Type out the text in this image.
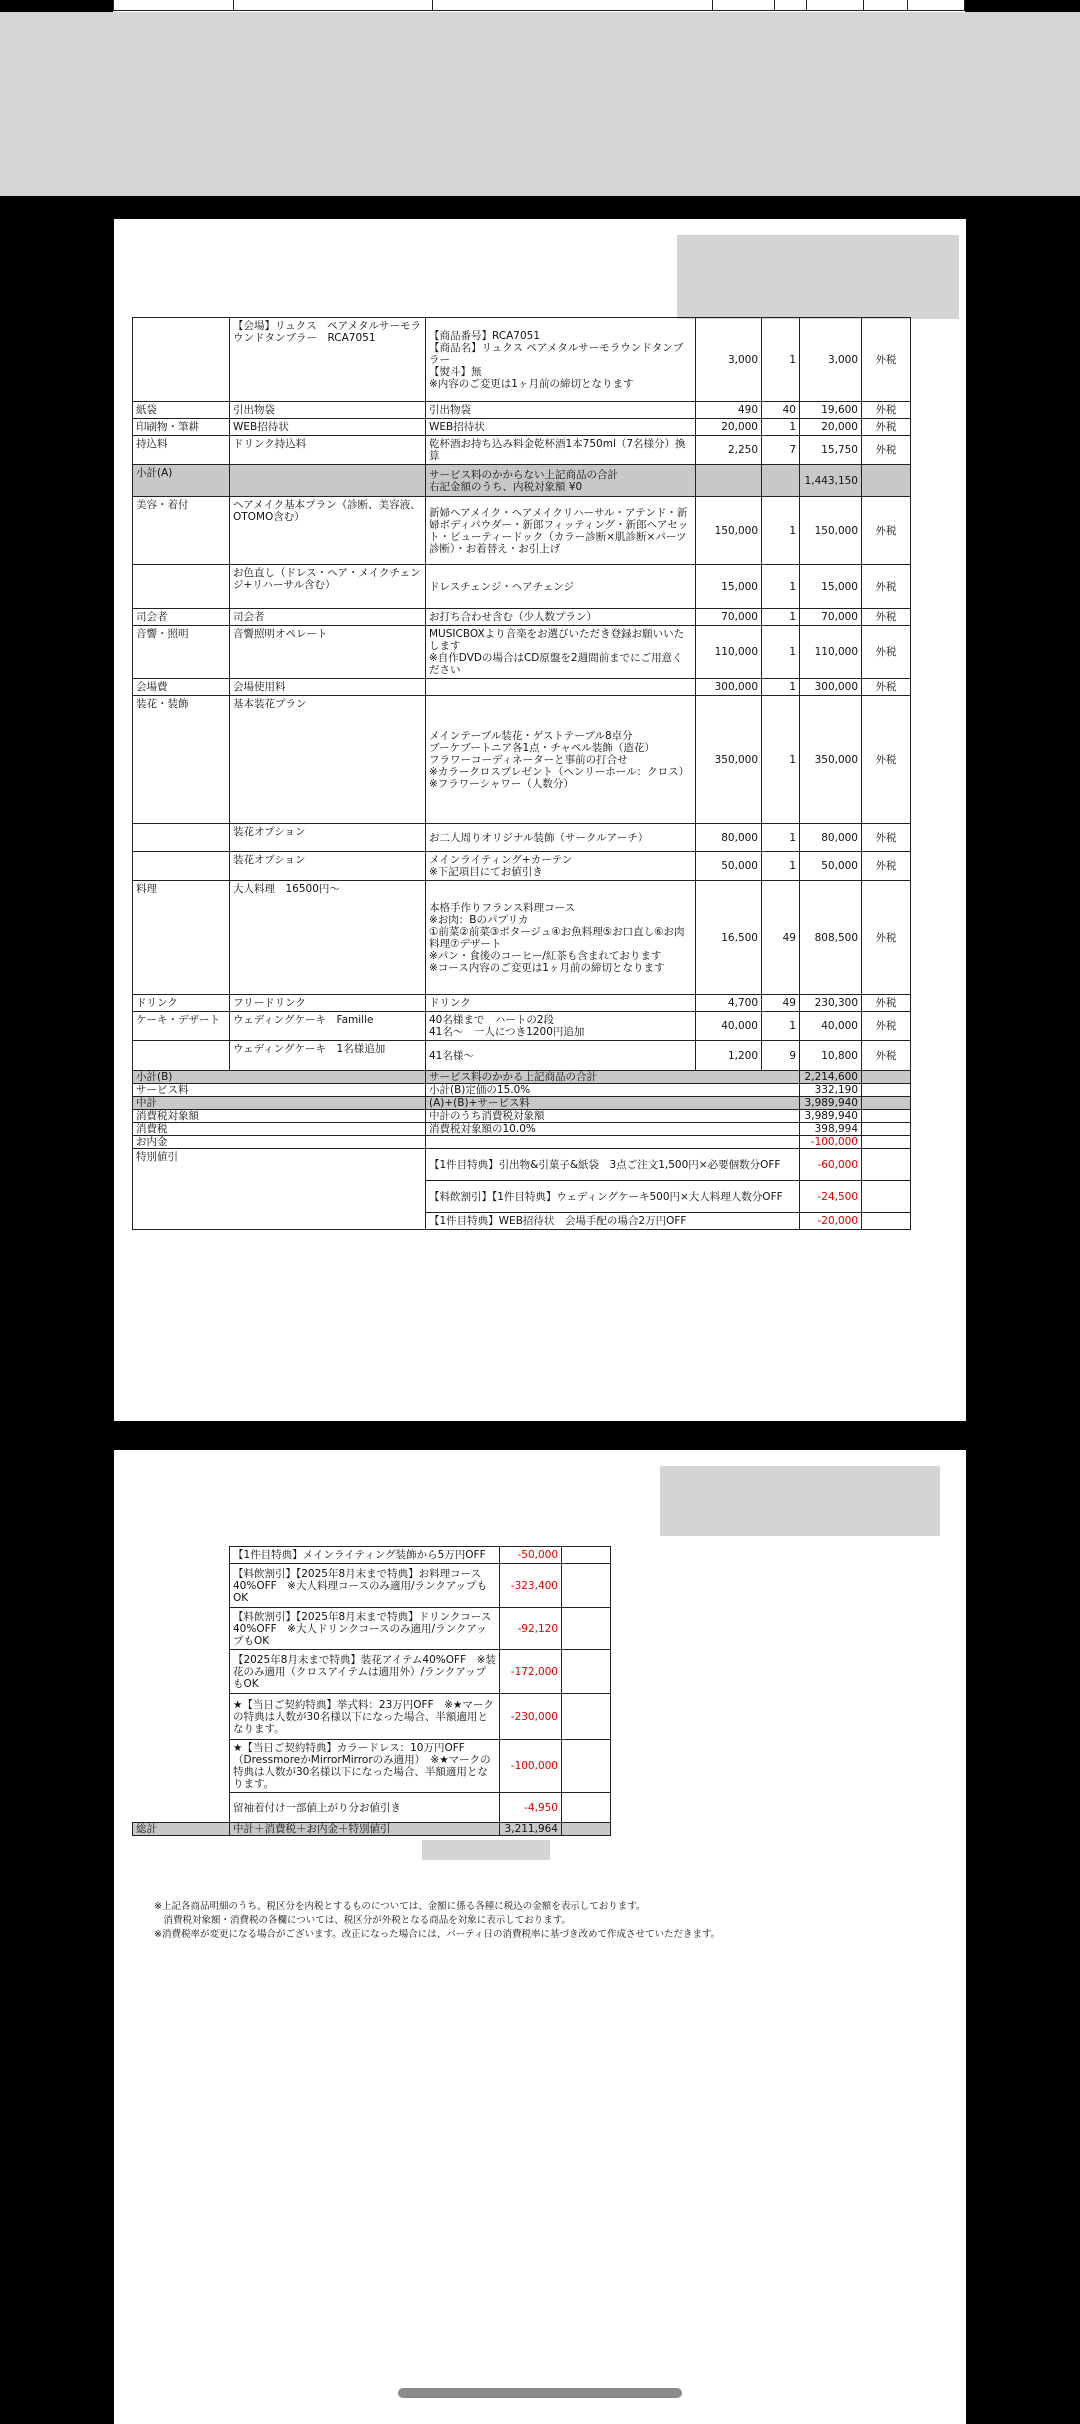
	【会場】リュクス　ペアメタルサーモラウンドタンブラー　RCA7051	【商品番号】RCA7051
【商品名】リュクス ペアメタルサーモラウンドタンブラー
【熨斗】無
※内容のご変更は1ヶ月前の締切となります	3,000	1	3,000	外税
紙袋	引出物袋	引出物袋	490	40	19,600	外税
印刷物・筆耕	WEB招待状	WEB招待状	20,000	1	20,000	外税
持込料	ドリンク持込料	乾杯酒お持ち込み料金乾杯酒1本750ml（7名様分）換算	2,250	7	15,750	外税
小計(A)		サービス料のかからない上記商品の合計
右記金額のうち、内税対象額 ¥0			1,443,150	
美容・着付	ヘアメイク基本プラン（診断、美容液、OTOMO含む）	新婦ヘアメイク・ヘアメイクリハーサル・アテンド・新婦ボディパウダー・新郎フィッティング・新郎ヘアセット・ビューティードック（カラー診断×肌診断×パーツ診断）・お着替え・お引上げ	150,000	1	150,000	外税
	お色直し（ドレス・ヘア・メイクチェンジ+リハーサル含む）	ドレスチェンジ・ヘアチェンジ	15,000	1	15,000	外税
司会者	司会者	お打ち合わせ含む（少人数プラン）	70,000	1	70,000	外税
音響・照明	音響照明オペレート	MUSICBOXより音楽をお選びいただき登録お願いいたします
※自作DVDの場合はCD原盤を2週間前までにご用意ください	110,000	1	110,000	外税
会場費	会場使用料		300,000	1	300,000	外税
装花・装飾	基本装花プラン	メインテーブル装花・ゲストテーブル8卓分
ブーケブートニア各1点・チャペル装飾（造花）
フラワーコーディネーターと事前の打合せ
※カラークロスプレゼント（ヘンリーホール：クロス）
※フラワーシャワー（人数分）	350,000	1	350,000	外税
	装花オプション	お二人周りオリジナル装飾（サークルアーチ）	80,000	1	80,000	外税
	装花オプション	メインライティング+カーテン
※下記項目にてお値引き	50,000	1	50,000	外税
料理	大人料理　16500円～	本格手作りフランス料理コース
※お肉：Bのパプリカ
①前菜②前菜③ポタージュ④お魚料理⑤お口直し⑥お肉料理⑦デザート
※パン・食後のコーヒー/紅茶も含まれております
※コース内容のご変更は1ヶ月前の締切となります	16,500	49	808,500	外税
ドリンク	フリードリンク	ドリンク	4,700	49	230,300	外税
ケーキ・デザート	ウェディングケーキ　Famille	40名様まで　ハートの2段
41名～　一人につき1200円追加	40,000	1	40,000	外税
	ウェディングケーキ　1名様追加	41名様～	1,200	9	10,800	外税
小計(B)		サービス料のかかる上記商品の合計			2,214,600	
サービス料		小計(B)定価の15.0%			332,190	
中計		(A)+(B)+サービス料			3,989,940	
消費税対象額		中計のうち消費税対象額			3,989,940	
消費税		消費税対象額の10.0%			398,994	
お内金					-100,000	
特別値引		【1件目特典】引出物&引菓子&紙袋　3点ご注文1,500円×必要個数分OFF			-60,000	
		【料飲割引】【1件目特典】ウェディングケーキ500円×大人料理人数分OFF			-24,500	
		【1件目特典】WEB招待状　会場手配の場合2万円OFF			-20,000	
	【1件目特典】メインライティング装飾から5万円OFF	-50,000	
	【料飲割引】【2025年8月末まで特典】お料理コース40%OFF　※大人料理コースのみ適用/ランクアップもOK	-323,400	
	【料飲割引】【2025年8月末まで特典】ドリンクコース40%OFF　※大人ドリンクコースのみ適用/ランクアップもOK	-92,120	
	【2025年8月末まで特典】装花アイテム40%OFF　※装花のみ適用（クロスアイテムは適用外）/ランクアップもOK	-172,000	
	★【当日ご契約特典】挙式料：23万円OFF　※★マークの特典は人数が30名様以下になった場合、半額適用となります。	-230,000	
	★【当日ご契約特典】カラードレス：10万円OFF（DressmoreかMirrorMirrorのみ適用）　※★マークの特典は人数が30名様以下になった場合、半額適用となります。	-100,000	
	留袖着付け一部値上がり分お値引き	-4,950	
総計	中計＋消費税＋お内金＋特別値引	3,211,964	
※上記各商品明細のうち、税区分を内税とするものについては、金額に係る各種に税込の金額を表示しております。
　消費税対象額・消費税の各欄については、税区分が外税となる商品を対象に表示しております。
※消費税率が変更になる場合がございます。改正になった場合には、パーティ日の消費税率に基づき改めて作成させていただきます。
